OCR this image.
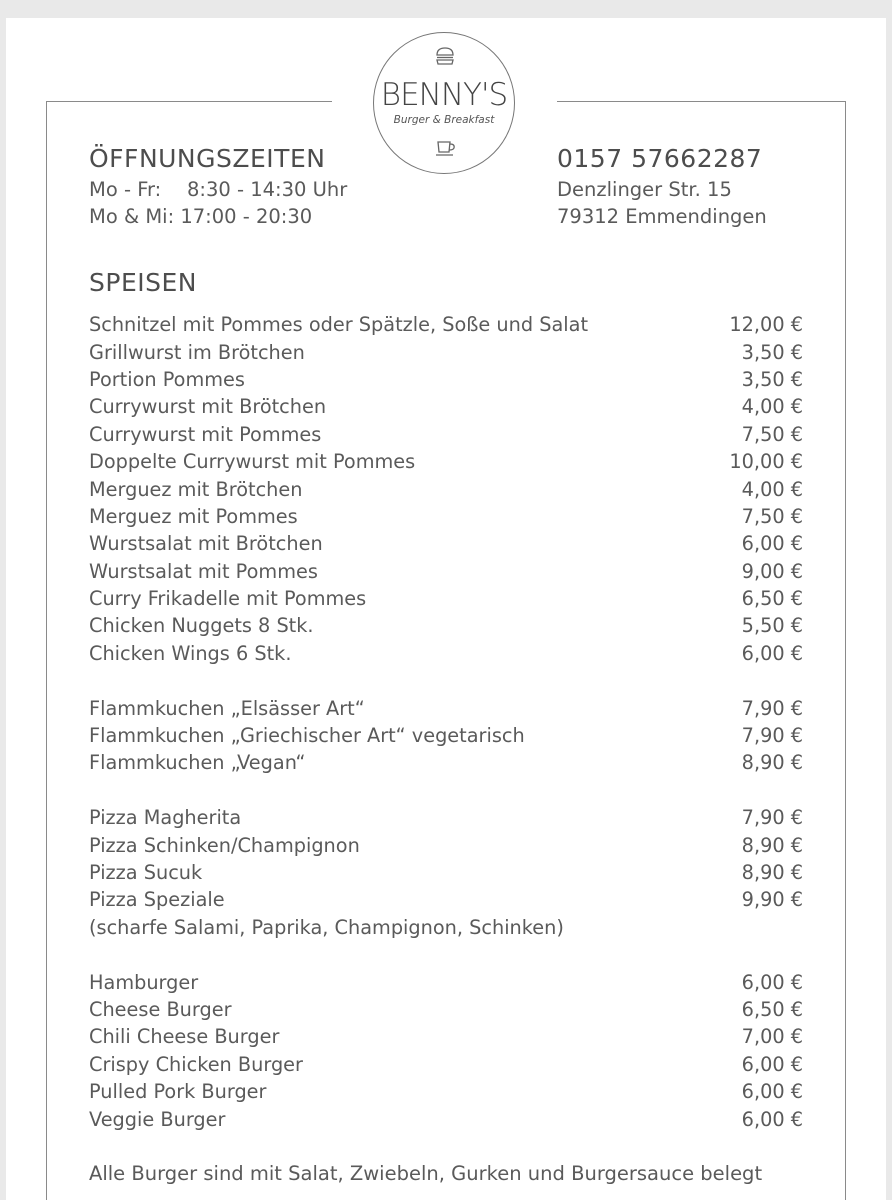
BENNY'S
Burger & Breakfast
ÖFFNUNGSZEITEN
Mo - Fr: 8:30 - 14:30 Uhr
Mo & Mi: 17:00 - 20:30
0157 57662287
Denzlinger Str. 15
79312 Emmendingen
SPEISEN
Schnitzel mit Pommes oder Spätzle, Soße und Salat	12,00 €
Grillwurst im Brötchen	3,50 €
Portion Pommes	3,50 €
Currywurst mit Brötchen	4,00 €
Currywurst mit Pommes	7,50 €
Doppelte Currywurst mit Pommes	10,00 €
Merguez mit Brötchen	4,00 €
Merguez mit Pommes	7,50 €
Wurstsalat mit Brötchen	6,00 €
Wurstsalat mit Pommes	9,00 €
Curry Frikadelle mit Pommes	6,50 €
Chicken Nuggets 8 Stk.	5,50 €
Chicken Wings 6 Stk.	6,00 €
Flammkuchen „Elsässer Art“	7,90 €
Flammkuchen „Griechischer Art“ vegetarisch	7,90 €
Flammkuchen „Vegan“	8,90 €
Pizza Magherita	7,90 €
Pizza Schinken/Champignon	8,90 €
Pizza Sucuk	8,90 €
Pizza Speziale	9,90 €
(scharfe Salami, Paprika, Champignon, Schinken)
Hamburger	6,00 €
Cheese Burger	6,50 €
Chili Cheese Burger	7,00 €
Crispy Chicken Burger	6,00 €
Pulled Pork Burger	6,00 €
Veggie Burger	6,00 €
Alle Burger sind mit Salat, Zwiebeln, Gurken und Burgersauce belegt
